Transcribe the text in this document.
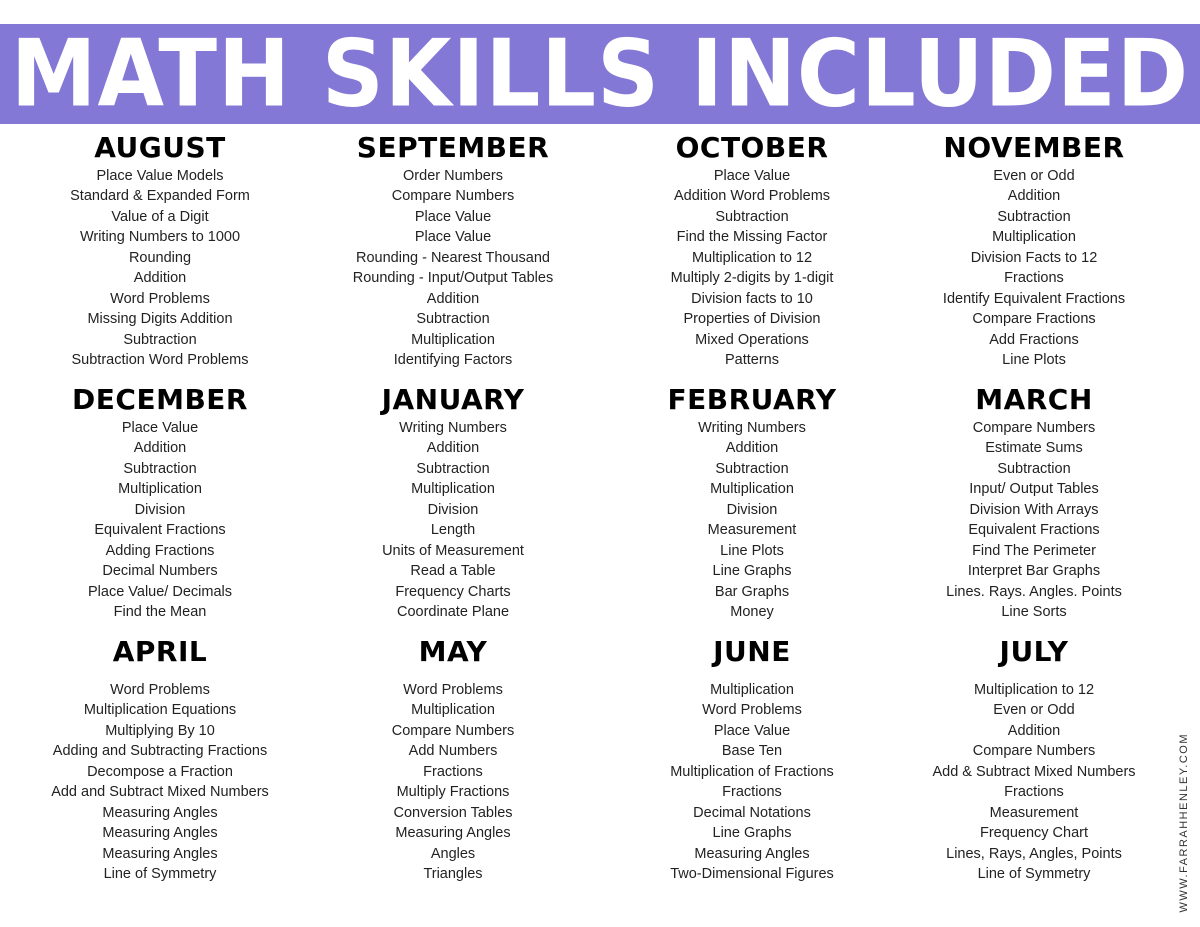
MATH SKILLS INCLUDED
AUGUST
Place Value Models
Standard & Expanded Form
Value of a Digit
Writing Numbers to 1000
Rounding
Addition
Word Problems
Missing Digits Addition
Subtraction
Subtraction Word Problems
SEPTEMBER
Order Numbers
Compare Numbers
Place Value
Place Value
Rounding - Nearest Thousand
Rounding - Input/Output Tables
Addition
Subtraction
Multiplication
Identifying Factors
OCTOBER
Place Value
Addition Word Problems
Subtraction
Find the Missing Factor
Multiplication to 12
Multiply 2-digits by 1-digit
Division facts to 10
Properties of Division
Mixed Operations
Patterns
NOVEMBER
Even or Odd
Addition
Subtraction
Multiplication
Division Facts to 12
Fractions
Identify Equivalent Fractions
Compare Fractions
Add Fractions
Line Plots
DECEMBER
Place Value
Addition
Subtraction
Multiplication
Division
Equivalent Fractions
Adding Fractions
Decimal Numbers
Place Value/ Decimals
Find the Mean
JANUARY
Writing Numbers
Addition
Subtraction
Multiplication
Division
Length
Units of Measurement
Read a Table
Frequency Charts
Coordinate Plane
FEBRUARY
Writing Numbers
Addition
Subtraction
Multiplication
Division
Measurement
Line Plots
Line Graphs
Bar Graphs
Money
MARCH
Compare Numbers
Estimate Sums
Subtraction
Input/ Output Tables
Division With Arrays
Equivalent Fractions
Find The Perimeter
Interpret Bar Graphs
Lines. Rays. Angles. Points
Line Sorts
APRIL
Word Problems
Multiplication Equations
Multiplying By 10
Adding and Subtracting Fractions
Decompose a Fraction
Add and Subtract Mixed Numbers
Measuring Angles
Measuring Angles
Measuring Angles
Line of Symmetry
MAY
Word Problems
Multiplication
Compare Numbers
Add Numbers
Fractions
Multiply Fractions
Conversion Tables
Measuring Angles
Angles
Triangles
JUNE
Multiplication
Word Problems
Place Value
Base Ten
Multiplication of Fractions
Fractions
Decimal Notations
Line Graphs
Measuring Angles
Two-Dimensional Figures
JULY
Multiplication to 12
Even or Odd
Addition
Compare Numbers
Add & Subtract Mixed Numbers
Fractions
Measurement
Frequency Chart
Lines, Rays, Angles, Points
Line of Symmetry	WWW.FARRAHHENLEY.COM
